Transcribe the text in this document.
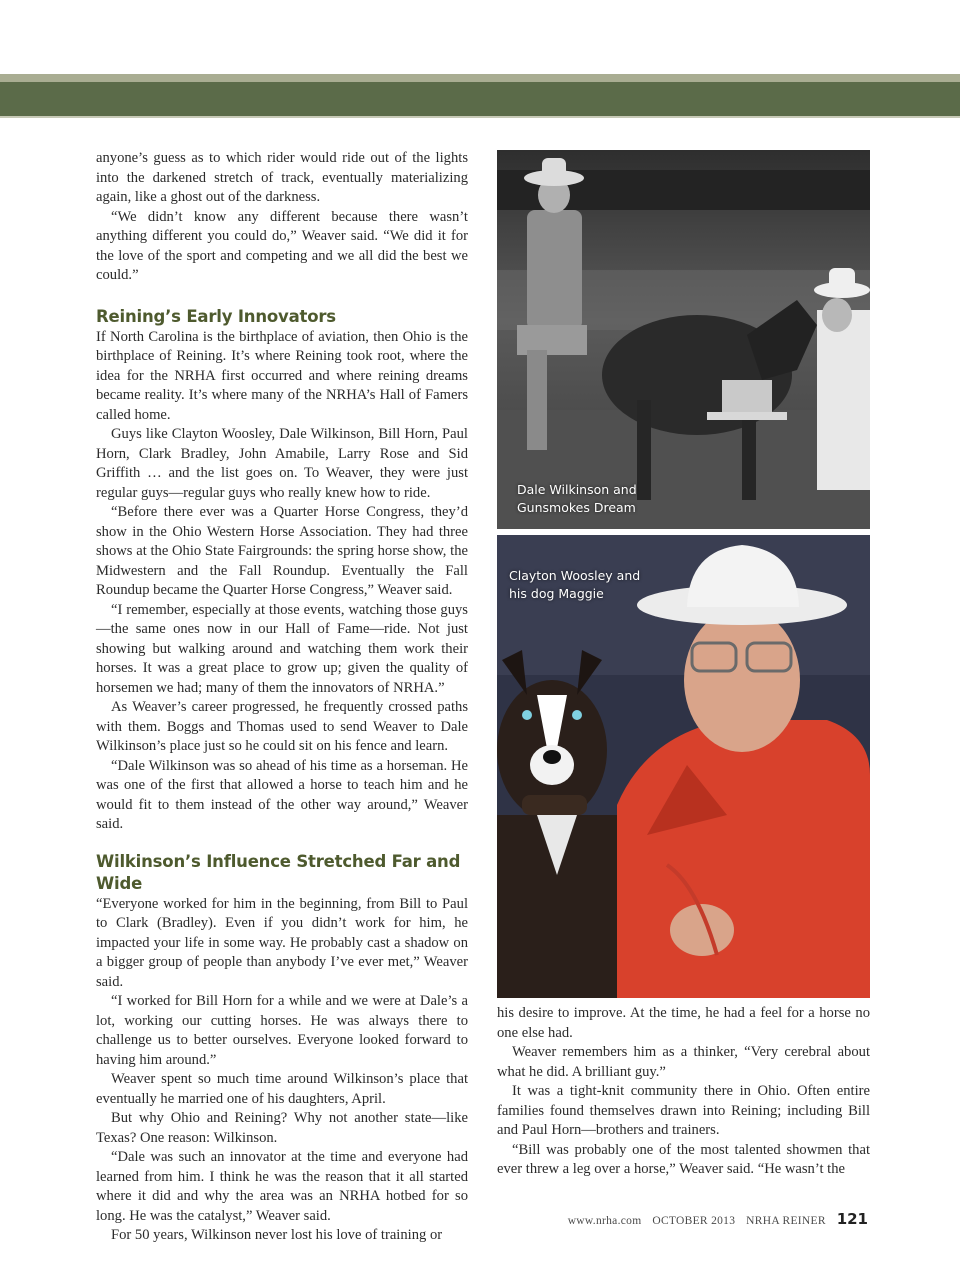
anyone’s guess as to which rider would ride out of the lights into the darkened stretch of track, eventually materializing again, like a ghost out of the darkness.

“We didn’t know any different because there wasn’t anything different you could do,” Weaver said. “We did it for the love of the sport and competing and we all did the best we could.”

Reining’s Early Innovators

If North Carolina is the birthplace of aviation, then Ohio is the birthplace of Reining. It’s where Reining took root, where the idea for the NRHA first occurred and where reining dreams became reality. It’s where many of the NRHA’s Hall of Famers called home.

Guys like Clayton Woosley, Dale Wilkinson, Bill Horn, Paul Horn, Clark Bradley, John Amabile, Larry Rose and Sid Griffith … and the list goes on. To Weaver, they were just regular guys—regular guys who really knew how to ride.

“Before there ever was a Quarter Horse Congress, they’d show in the Ohio Western Horse Association. They had three shows at the Ohio State Fairgrounds: the spring horse show, the Midwestern and the Fall Roundup. Eventually the Fall Roundup became the Quarter Horse Congress,” Weaver said.

“I remember, especially at those events, watching those guys—the same ones now in our Hall of Fame—ride. Not just showing but walking around and watching them work their horses. It was a great place to grow up; given the quality of horsemen we had; many of them the innovators of NRHA.”

As Weaver’s career progressed, he frequently crossed paths with them. Boggs and Thomas used to send Weaver to Dale Wilkinson’s place just so he could sit on his fence and learn.

“Dale Wilkinson was so ahead of his time as a horseman. He was one of the first that allowed a horse to teach him and he would fit to them instead of the other way around,” Weaver said.

Wilkinson’s Influence Stretched Far and Wide

“Everyone worked for him in the beginning, from Bill to Paul to Clark (Bradley). Even if you didn’t work for him, he impacted your life in some way. He probably cast a shadow on a bigger group of people than anybody I’ve ever met,” Weaver said.

“I worked for Bill Horn for a while and we were at Dale’s a lot, working our cutting horses. He was always there to challenge us to better ourselves. Everyone looked forward to having him around.”

Weaver spent so much time around Wilkinson’s place that eventually he married one of his daughters, April.

But why Ohio and Reining? Why not another state—like Texas? One reason: Wilkinson.

“Dale was such an innovator at the time and everyone had learned from him. I think he was the reason that it all started where it did and why the area was an NRHA hotbed for so long. He was the catalyst,” Weaver said.

For 50 years, Wilkinson never lost his love of training or

Dale Wilkinson and Gunsmokes Dream
Clayton Woosley and his dog Maggie

his desire to improve. At the time, he had a feel for a horse no one else had.

Weaver remembers him as a thinker, “Very cerebral about what he did. A brilliant guy.”

It was a tight-knit community there in Ohio. Often entire families found themselves drawn into Reining; including Bill and Paul Horn—brothers and trainers.

“Bill was probably one of the most talented showmen that ever threw a leg over a horse,” Weaver said. “He wasn’t the

www.nrha.com OCTOBER 2013 NRHA REINER 121
